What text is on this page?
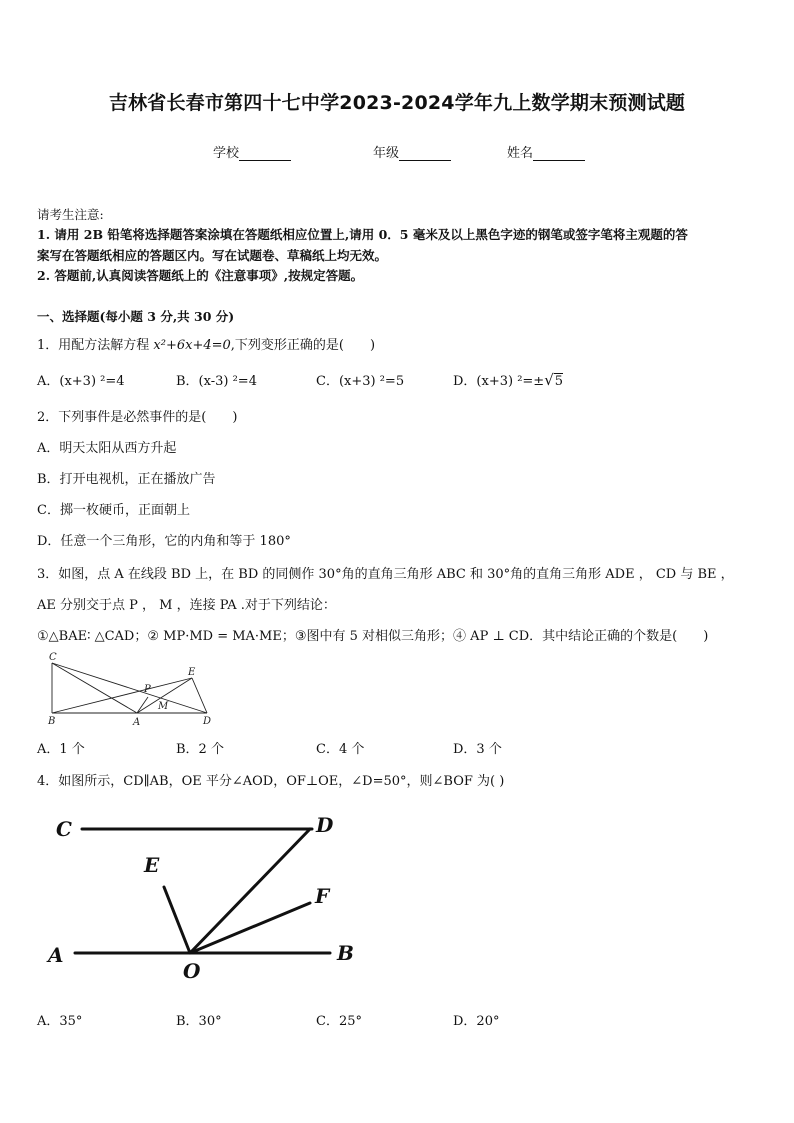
吉林省长春市第四十七中学2023-2024学年九上数学期末预测试题
学校	年级	姓名
请考生注意:
1. 请用 2B 铅笔将选择题答案涂填在答题纸相应位置上,请用 0．5 毫米及以上黑色字迹的钢笔或签字笔将主观题的答
案写在答题纸相应的答题区内。写在试题卷、草稿纸上均无效。
2. 答题前,认真阅读答题纸上的《注意事项》,按规定答题。
一、选择题(每小题 3 分,共 30 分)
1．用配方法解方程 x²+6x+4=0,下列变形正确的是(　　)
A．(x+3) ²=4	B．(x-3) ²=4	C．(x+3) ²=5	D．(x+3) ²=±√5
2．下列事件是必然事件的是(　　)
A．明天太阳从西方升起
B．打开电视机，正在播放广告
C．掷一枚硬币，正面朝上
D．任意一个三角形，它的内角和等于 180°
3．如图，点 A 在线段 BD 上，在 BD 的同侧作 30°角的直角三角形 ABC 和 30°角的直角三角形 ADE ， CD 与 BE ，
AE 分别交于点 P ， M ，连接 PA .对于下列结论：
①△BAE∶ △CAD；② MP·MD = MA·ME；③图中有 5 对相似三角形；④ AP ⊥ CD．其中结论正确的个数是(　　)
C
E
P
M
B	A	D
A．1 个	B．2 个	C．4 个	D．3 个
4．如图所示，CD∥AB，OE 平分∠AOD，OF⊥OE，∠D=50°，则∠BOF 为( )
C	D
E
F
A
O
B
A．35°	B．30°	C．25°	D．20°
